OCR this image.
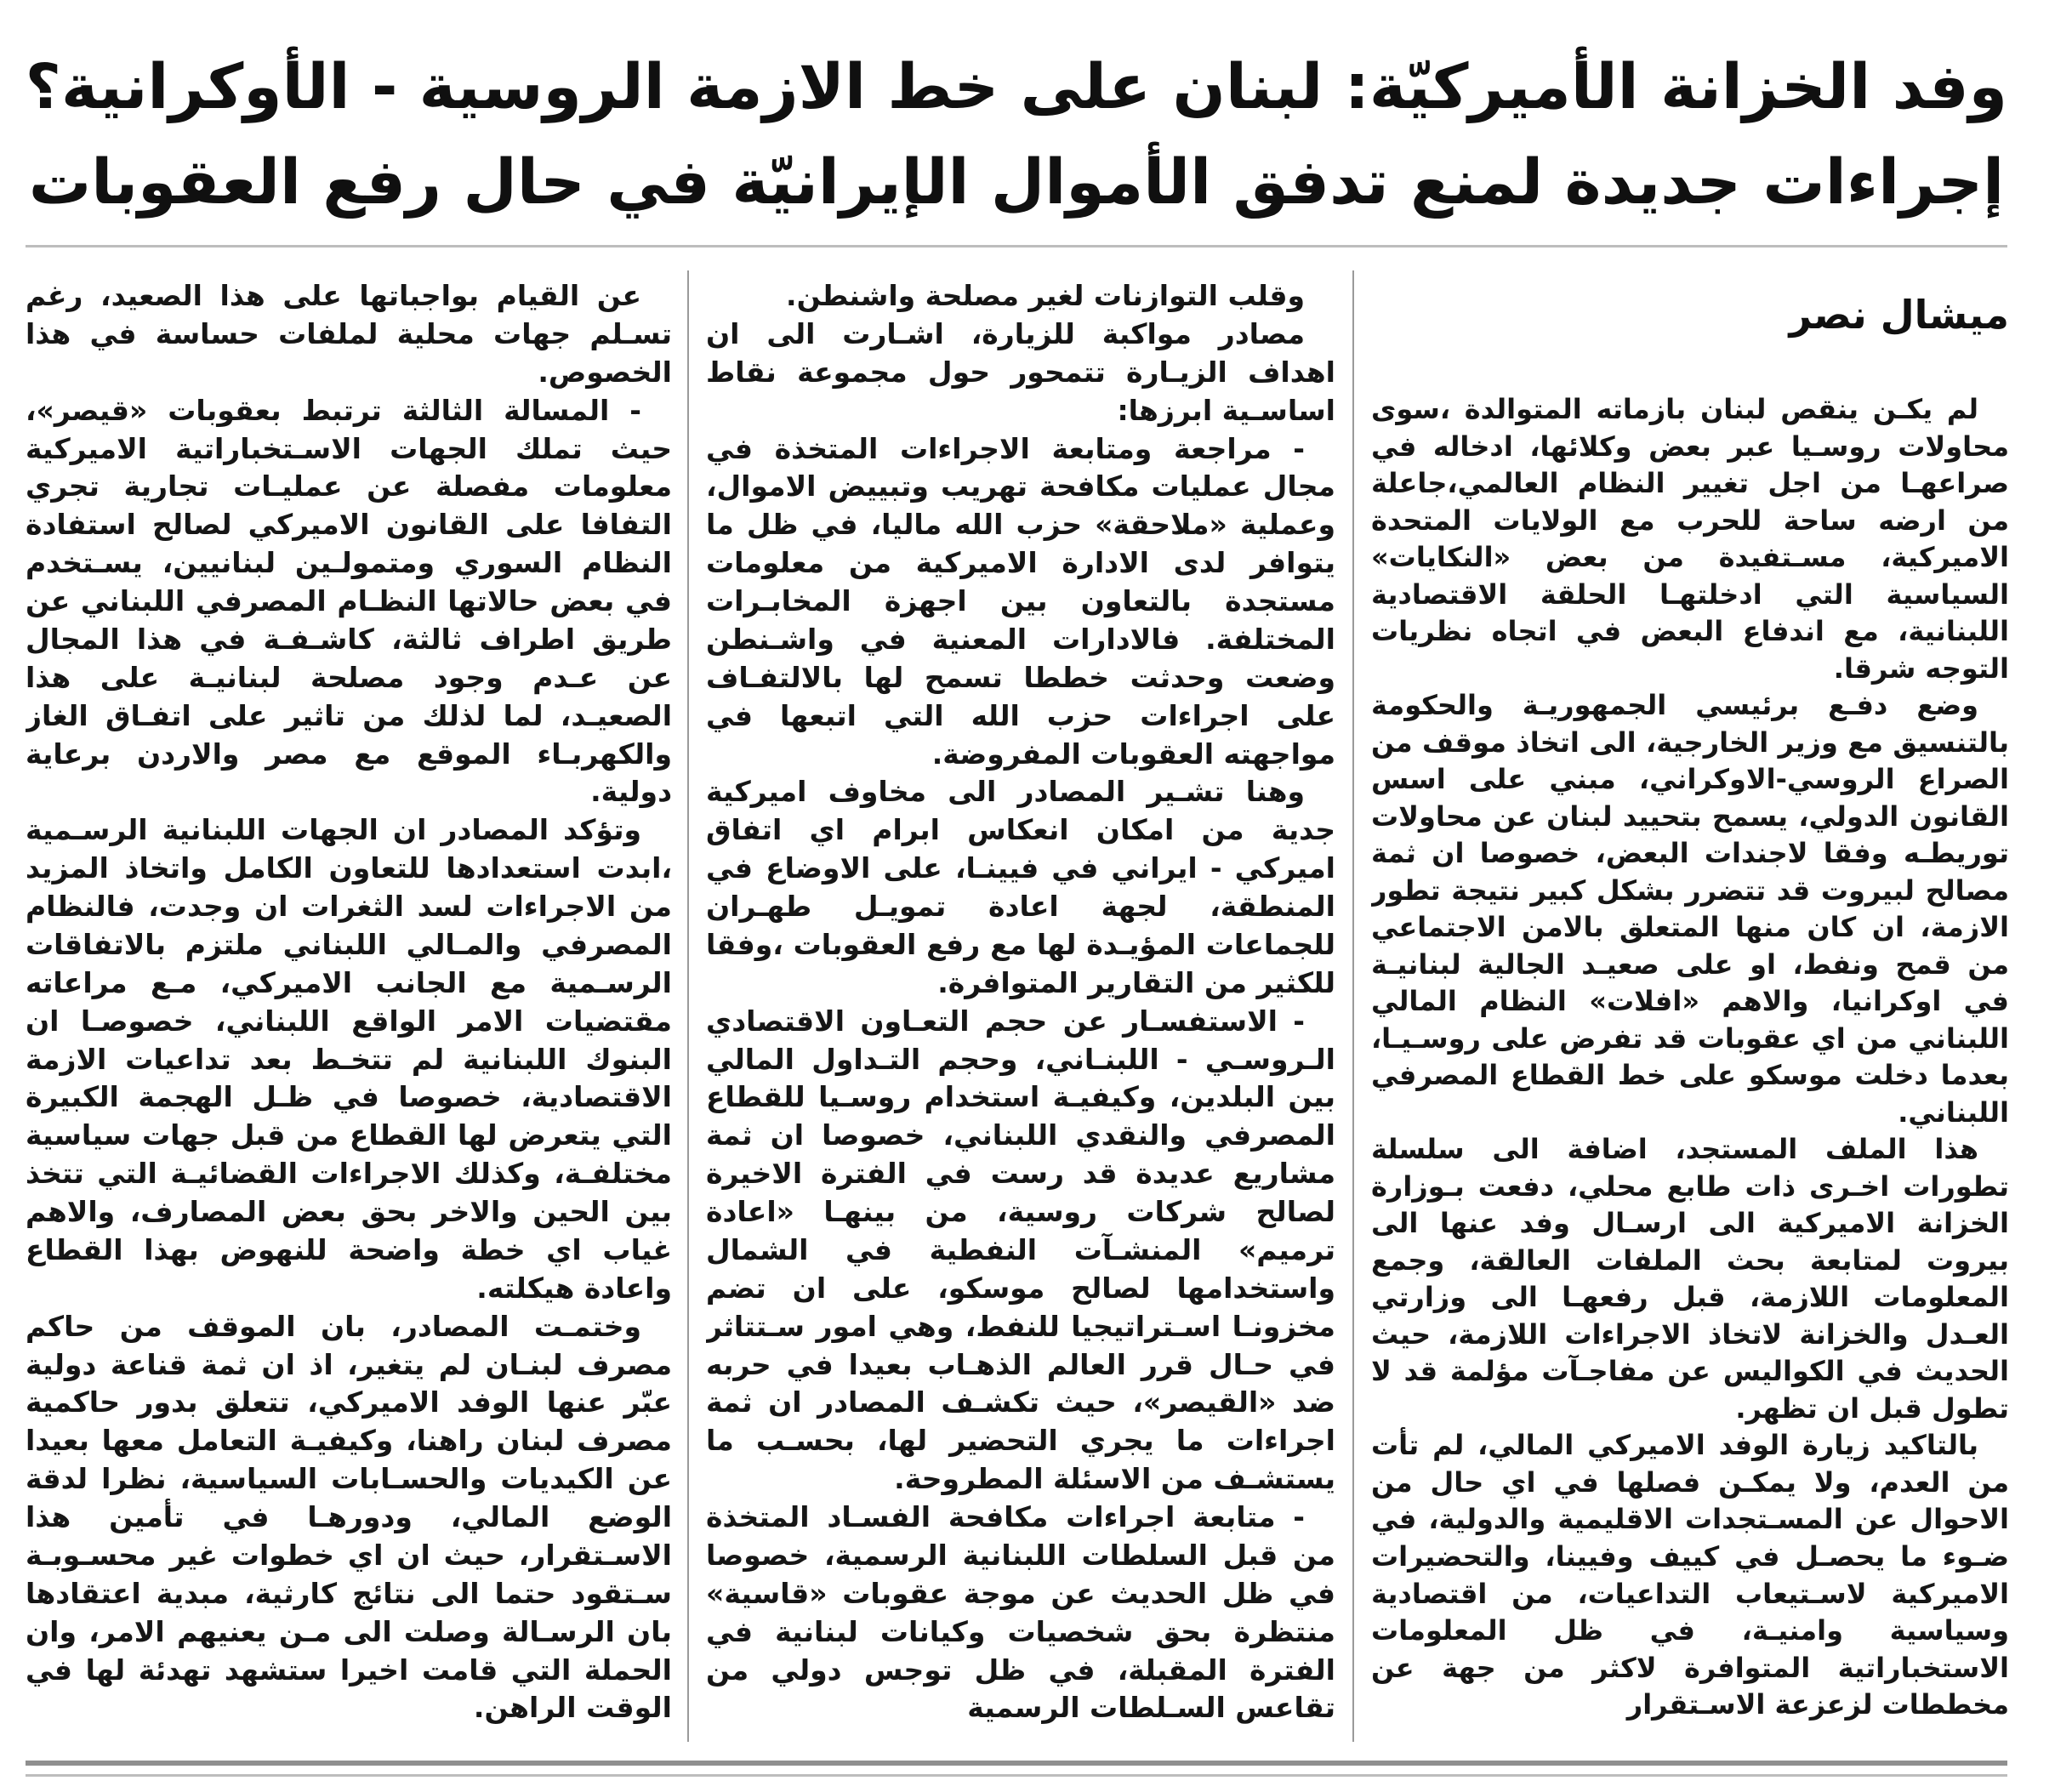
وفد الخزانة الأميركيّة: لبنان على خط الازمة الروسية - الأوكرانية؟
إجراءات جديدة لمنع تدفق الأموال الإيرانيّة في حال رفع العقوبات
ميشال نصر

لم يكـن ينقص لبنان بازماته المتوالدة ،سوى محاولات روسـيا عبر بعض وكلائها، ادخاله في صراعهـا من اجل تغيير النظام العالمي،جاعلة من ارضه ساحة للحرب مع الولايات المتحدة الاميركية، مسـتفيدة من بعض «النكايات» السياسية التي ادخلتهـا الحلقة الاقتصادية اللبنانية، مع اندفاع البعض في اتجاه نظريات التوجه شرقا.

وضع دفـع برئيسي الجمهوريـة والحكومة بالتنسيق مع وزير الخارجية، الى اتخاذ موقف من الصراع الروسي-الاوكراني، مبني على اسس القانون الدولي، يسمح بتحييد لبنان عن محاولات توريطـه وفقا لاجندات البعض، خصوصا ان ثمة مصالح لبيروت قد تتضرر بشكل كبير نتيجة تطور الازمة، ان كان منها المتعلق بالامن الاجتماعي من قمح ونفط، او على صعيـد الجالية لبنانيـة في اوكرانيا، والاهم «افلات» النظام المالي اللبناني من اي عقوبات قد تفرض على روسـيـا، بعدما دخلت موسكو على خط القطاع المصرفي اللبناني.

هذا الملف المستجد، اضافة الى سلسلة تطورات اخـرى ذات طابع محلي، دفعت بـوزارة الخزانة الاميركية الى ارسـال وفد عنها الى بيروت لمتابعة بحث الملفات العالقة، وجمع المعلومات اللازمة، قبل رفعهـا الى وزارتي العـدل والخزانة لاتخاذ الاجراءات اللازمة، حيث الحديث في الكواليس عن مفاجـآت مؤلمة قد لا تطول قبل ان تظهر.

بالتاكيد زيارة الوفد الاميركي المالي، لم تأت من العدم، ولا يمكـن فصلها في اي حال من الاحوال عن المسـتجدات الاقليمية والدولية، في ضـوء ما يحصـل في كييف وفيينا، والتحضيرات الاميركية لاسـتيعاب التداعيات، من اقتصادية وسياسية وامنيـة، في ظل المعلومات الاستخباراتية المتوافرة لاكثر من جهة عن مخططات لزعزعة الاسـتقرار

وقلب التوازنات لغير مصلحة واشنطن.

مصادر مواكبة للزيارة، اشـارت الى ان اهداف الزيـارة تتمحور حول مجموعة نقاط اساسـية ابرزها:

- مراجعة ومتابعة الاجراءات المتخذة في مجال عمليات مكافحة تهريب وتبييض الاموال، وعملية «ملاحقة» حزب الله ماليا، في ظل ما يتوافر لدى الادارة الاميركية من معلومات مستجدة بالتعاون بين اجهزة المخابـرات المختلفة. فالادارات المعنية في واشـنطن وضعت وحدثت خططا تسمح لها بالالتفـاف على اجراءات حزب الله التي اتبعها في مواجهته العقوبات المفروضة.

وهنا تشـير المصادر الى مخاوف اميركية جدية من امكان انعكاس ابرام اي اتفاق اميركي - ايراني في فيينـا، على الاوضاع في المنطقة، لجهة اعادة تمويـل طهـران للجماعات المؤيـدة لها مع رفع العقوبات ،وفقا للكثير من التقارير المتوافرة.

- الاستفسـار عن حجم التعـاون الاقتصادي الـروسـي - اللبنـاني، وحجم التـداول المالي بين البلدين، وكيفيـة استخدام روسـيا للقطاع المصرفي والنقدي اللبناني، خصوصا ان ثمة مشاريع عديدة قد رست في الفترة الاخيرة لصالح شركات روسية، من بينهـا «اعادة ترميم» المنشـآت النفطية في الشمال واستخدامها لصالح موسكو، على ان تضم مخزونـا اسـتراتيجيا للنفط، وهي امور سـتتاثر في حـال قرر العالم الذهـاب بعيدا في حربه ضد «القيصر»، حيث تكشـف المصادر ان ثمة اجراءات ما يجري التحضير لها، بحسـب ما يستشـف من الاسئلة المطروحة.

- متابعة اجراءات مكافحة الفسـاد المتخذة من قبل السلطات اللبنانية الرسمية، خصوصا في ظل الحديث عن موجة عقوبات «قاسية» منتظرة بحق شخصيات وكيانات لبنانية في الفترة المقبلة، في ظل توجس دولي من تقاعس السـلطات الرسمية

عن القيام بواجباتها على هذا الصعيد، رغم تسـلم جهات محلية لملفات حساسة في هذا الخصوص.

- المسالة الثالثة ترتبط بعقوبات «قيصر»، حيث تملك الجهات الاسـتخباراتية الاميركية معلومات مفصلة عن عمليـات تجارية تجري التفافا على القانون الاميركي لصالح استفادة النظام السوري ومتمولـين لبنانيين، يسـتخدم في بعض حالاتها النظـام المصرفي اللبناني عن طريق اطراف ثالثة، كاشـفـة في هذا المجال عن عـدم وجود مصلحة لبنانيـة على هذا الصعيـد، لما لذلك من تاثير على اتفـاق الغاز والكهربـاء الموقع مع مصر والاردن برعاية دولية.

وتؤكد المصادر ان الجهات اللبنانية الرسـمية ،ابدت استعدادها للتعاون الكامل واتخاذ المزيد من الاجراءات لسد الثغرات ان وجدت، فالنظام المصرفي والمـالي اللبناني ملتزم بالاتفاقات الرسـمية مع الجانب الاميركي، مـع مراعاته مقتضيات الامر الواقع اللبناني، خصوصـا ان البنوك اللبنانية لم تتخـط بعد تداعيات الازمة الاقتصادية، خصوصا في ظـل الهجمة الكبيرة التي يتعرض لها القطاع من قبل جهات سياسية مختلفـة، وكذلك الاجراءات القضائيـة التي تتخذ بين الحين والاخر بحق بعض المصارف، والاهم غياب اي خطة واضحة للنهوض بهذا القطاع واعادة هيكلته.

وختمـت المصادر، بان الموقف من حاكم مصرف لبنـان لم يتغير، اذ ان ثمة قناعة دولية عبّر عنها الوفد الاميركي، تتعلق بدور حاكمية مصرف لبنان راهنا، وكيفيـة التعامل معها بعيدا عن الكيديات والحسـابات السياسية، نظرا لدقة الوضع المالي، ودورهـا في تأمين هذا الاسـتقرار، حيث ان اي خطوات غير محسـوبـة سـتقود حتما الى نتائج كارثية، مبدية اعتقادها بان الرسـالة وصلت الى مـن يعنيهم الامر، وان الحملة التي قامت اخيرا ستشهد تهدئة لها في الوقت الراهن.
